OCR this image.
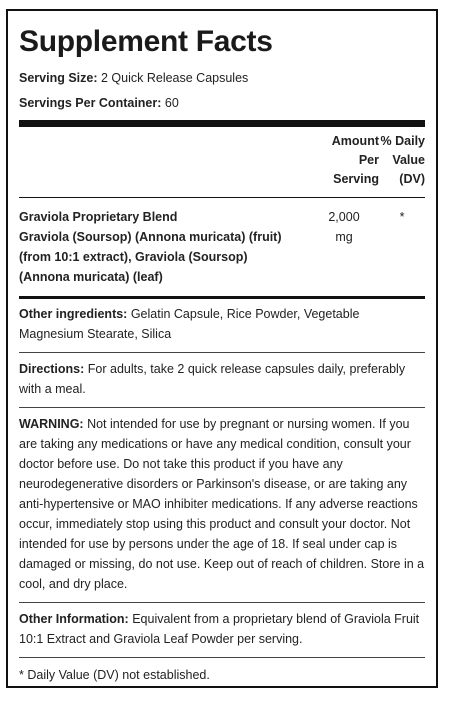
Supplement Facts
Serving Size: 2 Quick Release Capsules
Servings Per Container: 60
Amount
Per
Serving
% Daily
Value
(DV)
Graviola Proprietary Blend
Graviola (Soursop) (Annona muricata) (fruit) (from 10:1 extract), Graviola (Soursop) (Annona muricata) (leaf)
2,000
mg
*
Other ingredients: Gelatin Capsule, Rice Powder, Vegetable Magnesium Stearate, Silica
Directions: For adults, take 2 quick release capsules daily, preferably with a meal.
WARNING: Not intended for use by pregnant or nursing women. If you are taking any medications or have any medical condition, consult your doctor before use. Do not take this product if you have any neurodegenerative disorders or Parkinson's disease, or are taking any anti-hypertensive or MAO inhibiter medications. If any adverse reactions occur, immediately stop using this product and consult your doctor. Not intended for use by persons under the age of 18. If seal under cap is damaged or missing, do not use. Keep out of reach of children. Store in a cool, and dry place.
Other Information: Equivalent from a proprietary blend of Graviola Fruit 10:1 Extract and Graviola Leaf Powder per serving.
* Daily Value (DV) not established.
